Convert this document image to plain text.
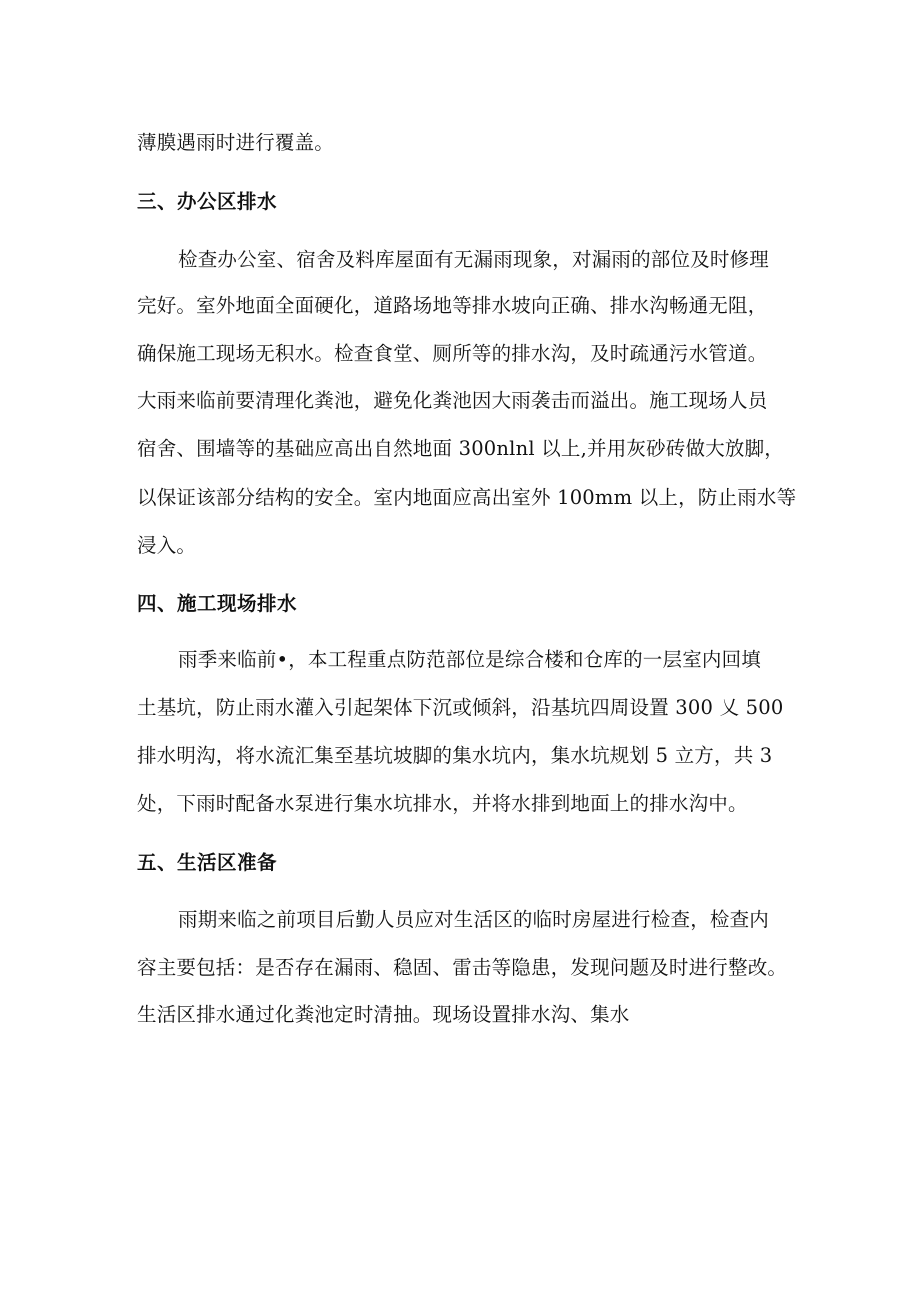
薄膜遇雨时进行覆盖。
三、办公区排水
检查办公室、宿舍及料库屋面有无漏雨现象，对漏雨的部位及时修理
完好。室外地面全面硬化，道路场地等排水坡向正确、排水沟畅通无阻，
确保施工现场无积水。检查食堂、厕所等的排水沟，及时疏通污水管道。
大雨来临前要清理化粪池，避免化粪池因大雨袭击而溢出。施工现场人员
宿舍、围墙等的基础应高出自然地面 300nlnl 以上,并用灰砂砖做大放脚，
以保证该部分结构的安全。室内地面应高出室外 100mm 以上，防止雨水等
浸入。
四、施工现场排水
雨季来临前•，本工程重点防范部位是综合楼和仓库的一层室内回填
土基坑，防止雨水灌入引起架体下沉或倾斜，沿基坑四周设置 300 乂 500
排水明沟，将水流汇集至基坑坡脚的集水坑内，集水坑规划 5 立方，共 3
处，下雨时配备水泵进行集水坑排水，并将水排到地面上的排水沟中。
五、生活区准备
雨期来临之前项目后勤人员应对生活区的临时房屋进行检查，检查内
容主要包括：是否存在漏雨、稳固、雷击等隐患，发现问题及时进行整改。
生活区排水通过化粪池定时清抽。现场设置排水沟、集水
